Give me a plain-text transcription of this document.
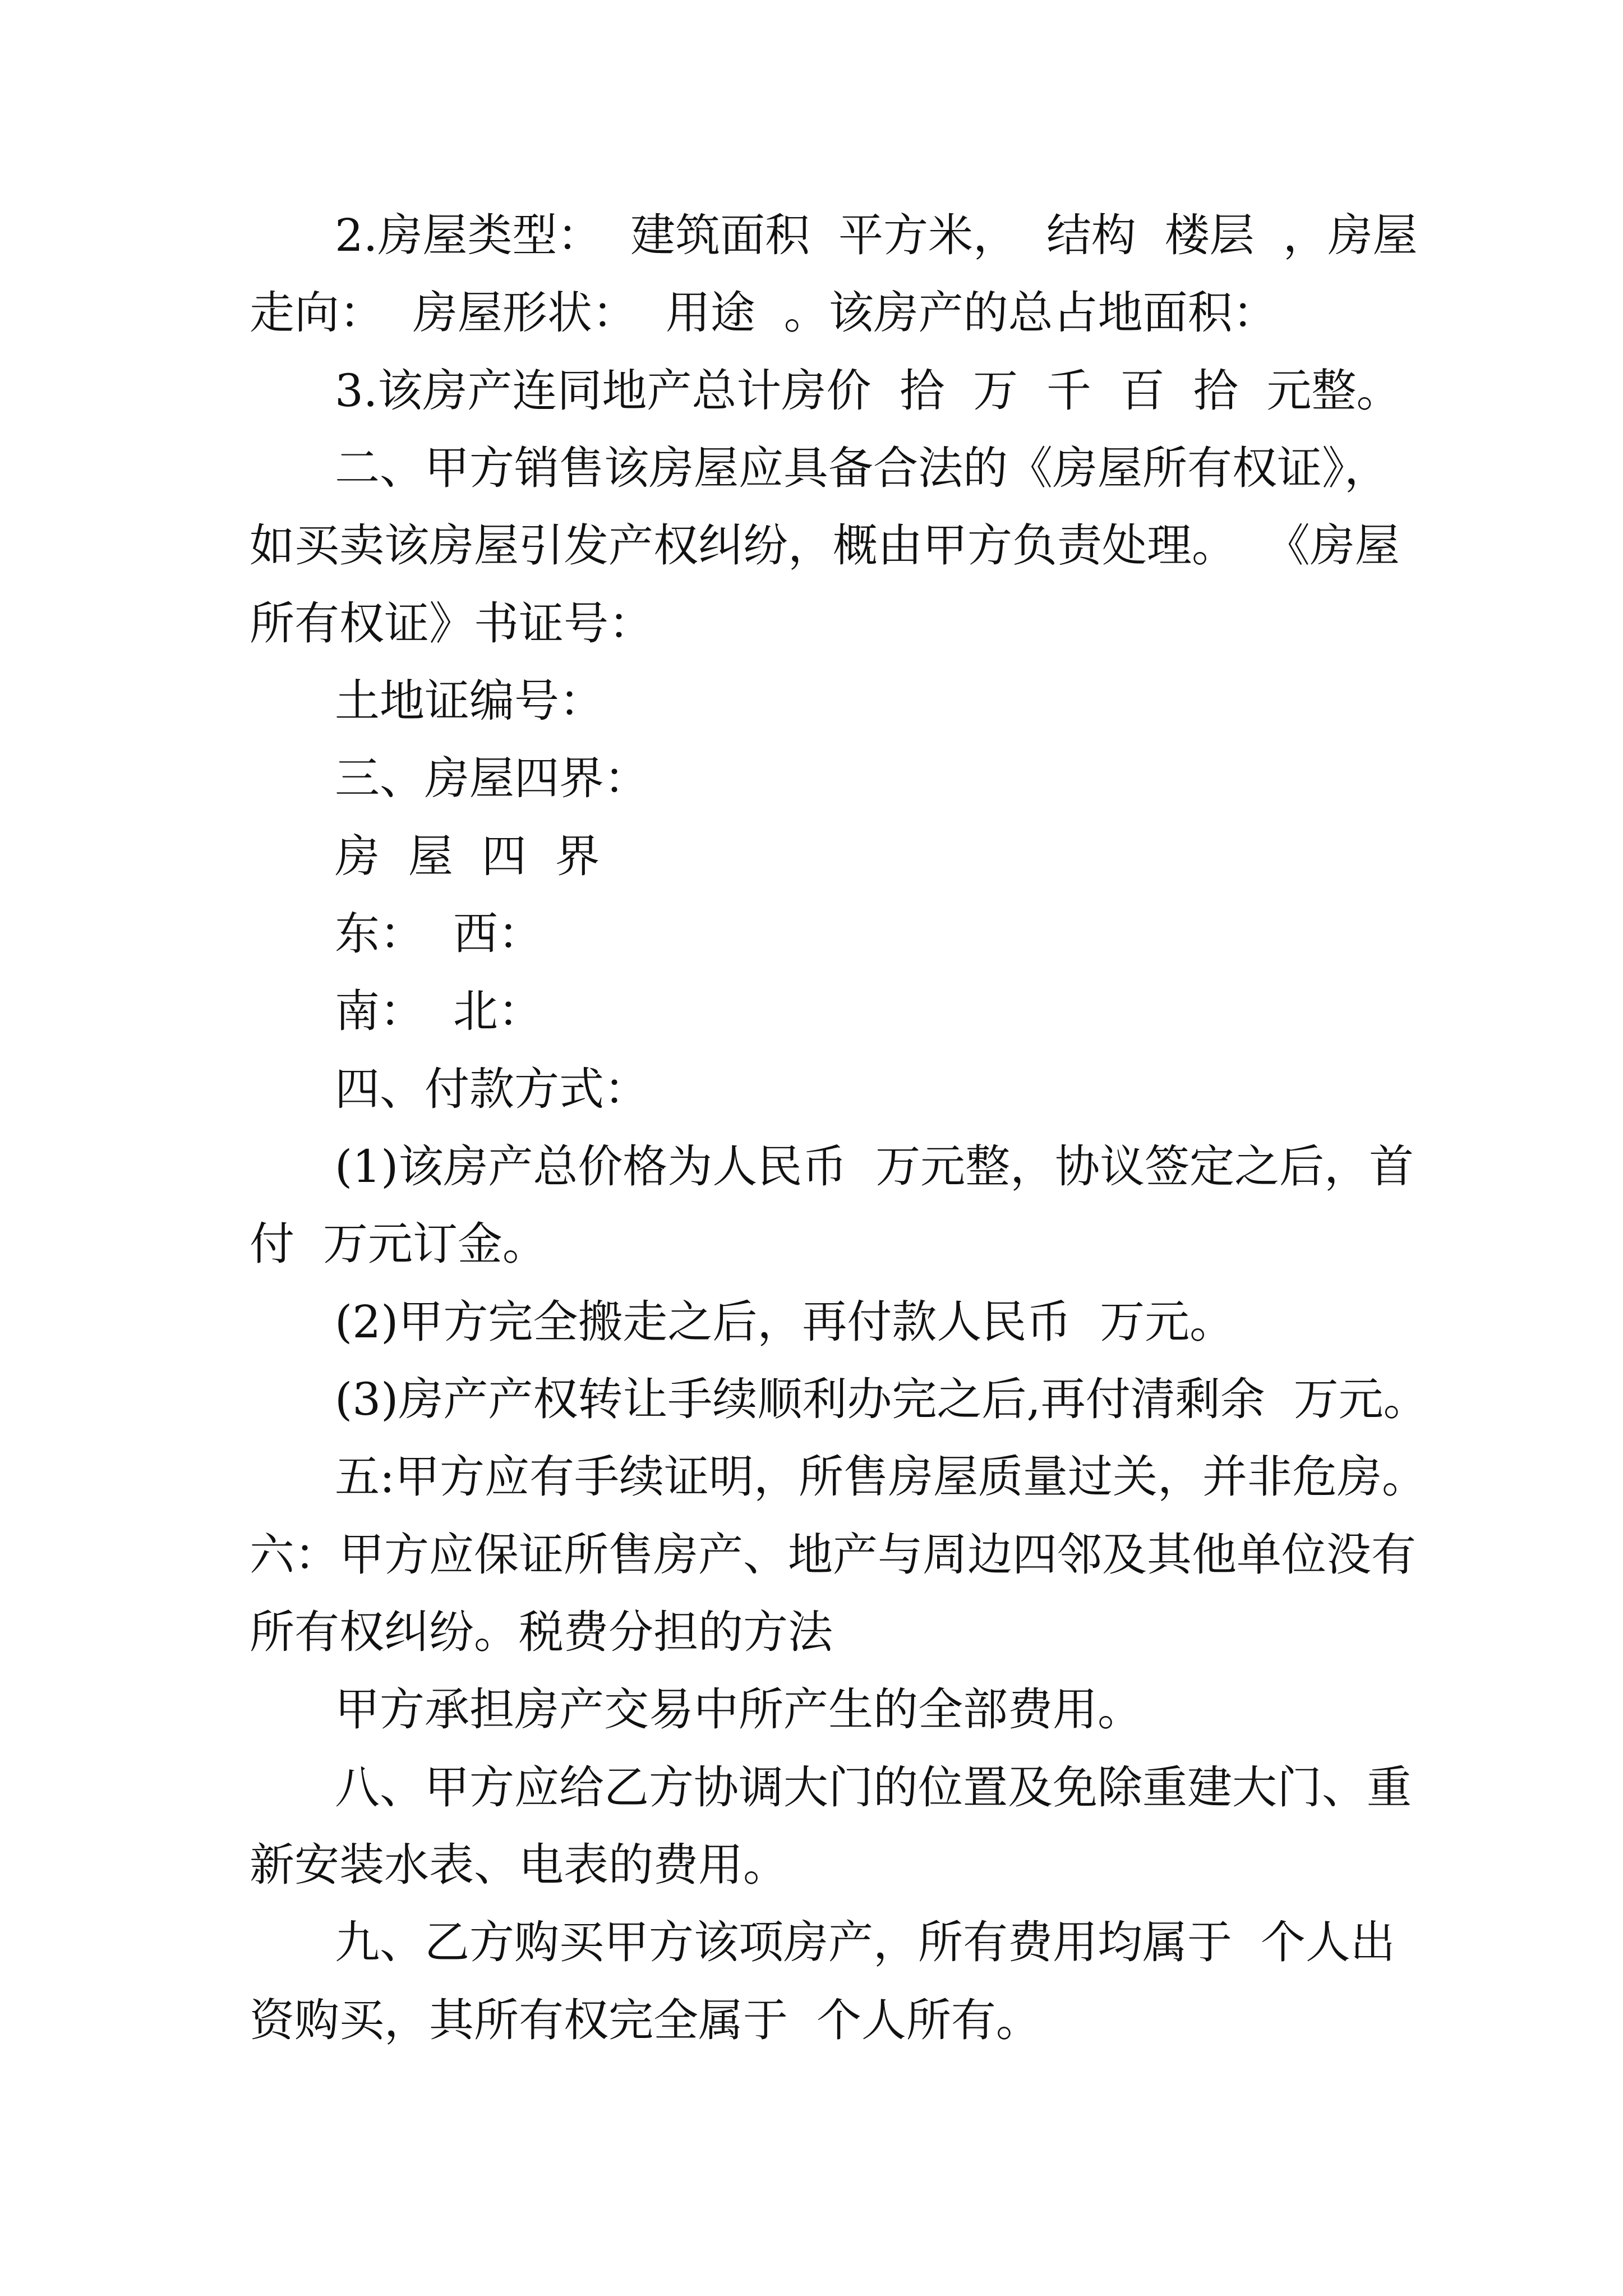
2.房屋类型：  建筑面积  平方米，  结构  楼层  ，房屋
走向：  房屋形状：  用途  。该房产的总占地面积：
3.该房产连同地产总计房价  拾  万  千  百  拾  元整。
二、甲方销售该房屋应具备合法的《房屋所有权证》，
如买卖该房屋引发产权纠纷，概由甲方负责处理。  《房屋
所有权证》书证号：
土地证编号：
三、房屋四界：
房  屋  四  界
东：  西：
南：  北：
四、付款方式：
(1)该房产总价格为人民币  万元整，协议签定之后，首
付  万元订金。
(2)甲方完全搬走之后，再付款人民币  万元。
(3)房产产权转让手续顺利办完之后,再付清剩余  万元。
五:甲方应有手续证明，所售房屋质量过关，并非危房。
六：甲方应保证所售房产、地产与周边四邻及其他单位没有
所有权纠纷。税费分担的方法
甲方承担房产交易中所产生的全部费用。
八、甲方应给乙方协调大门的位置及免除重建大门、重
新安装水表、电表的费用。
九、乙方购买甲方该项房产，所有费用均属于  个人出
资购买，其所有权完全属于  个人所有。
